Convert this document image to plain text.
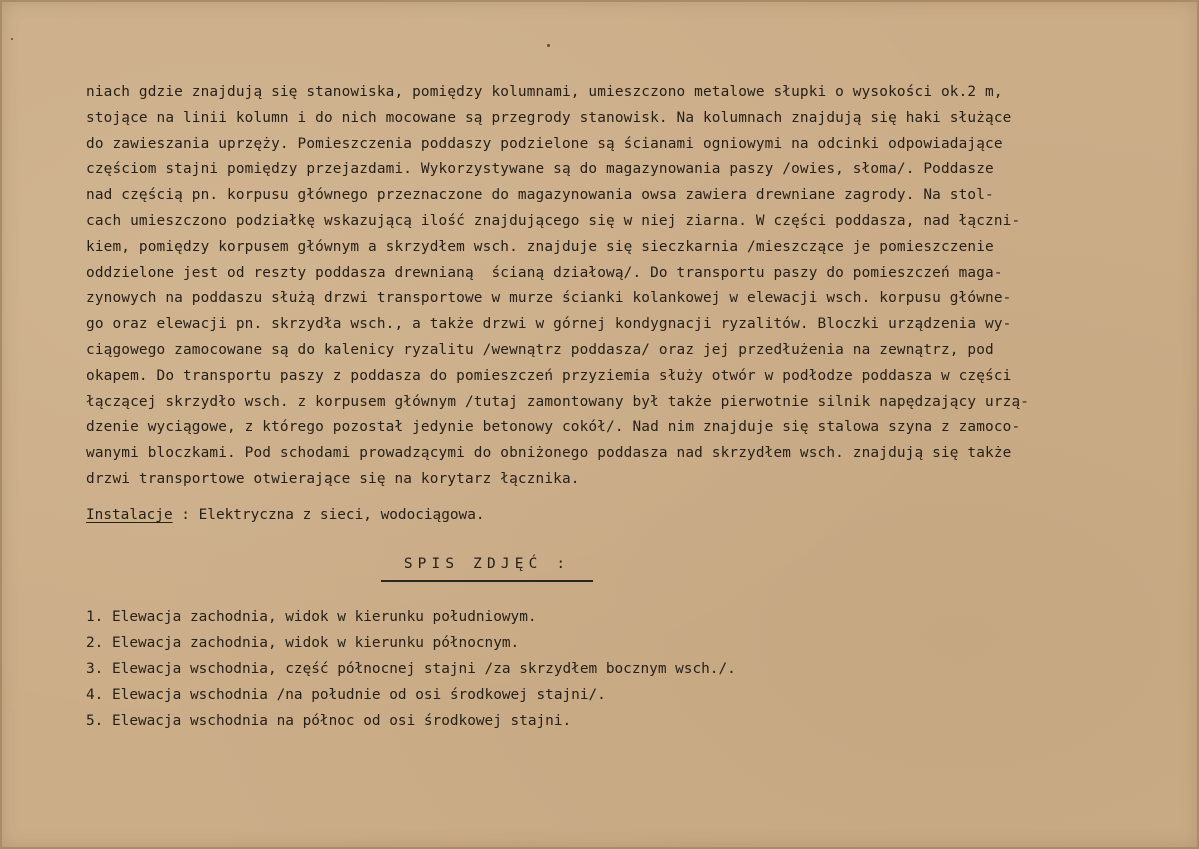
niach gdzie znajdują się stanowiska, pomiędzy kolumnami, umieszczono metalowe słupki o wysokości ok.2 m,
stojące na linii kolumn i do nich mocowane są przegrody stanowisk. Na kolumnach znajdują się haki służące
do zawieszania uprzęży. Pomieszczenia poddaszy podzielone są ścianami ogniowymi na odcinki odpowiadające
częściom stajni pomiędzy przejazdami. Wykorzystywane są do magazynowania paszy /owies, słoma/. Poddasze
nad częścią pn. korpusu głównego przeznaczone do magazynowania owsa zawiera drewniane zagrody. Na stol-
cach umieszczono podziałkę wskazującą ilość znajdującego się w niej ziarna. W części poddasza, nad łączni-
kiem, pomiędzy korpusem głównym a skrzydłem wsch. znajduje się sieczkarnia /mieszczące je pomieszczenie
oddzielone jest od reszty poddasza drewnianą  ścianą działową/. Do transportu paszy do pomieszczeń maga-
zynowych na poddaszu służą drzwi transportowe w murze ścianki kolankowej w elewacji wsch. korpusu główne-
go oraz elewacji pn. skrzydła wsch., a także drzwi w górnej kondygnacji ryzalitów. Bloczki urządzenia wy-
ciągowego zamocowane są do kalenicy ryzalitu /wewnątrz poddasza/ oraz jej przedłużenia na zewnątrz, pod
okapem. Do transportu paszy z poddasza do pomieszczeń przyziemia służy otwór w podłodze poddasza w części
łączącej skrzydło wsch. z korpusem głównym /tutaj zamontowany był także pierwotnie silnik napędzający urzą-
dzenie wyciągowe, z którego pozostał jedynie betonowy cokół/. Nad nim znajduje się stalowa szyna z zamoco-
wanymi bloczkami. Pod schodami prowadzącymi do obniżonego poddasza nad skrzydłem wsch. znajdują się także
drzwi transportowe otwierające się na korytarz łącznika.
Instalacje : Elektryczna z sieci, wodociągowa.
SPIS ZDJĘĆ :
1. Elewacja zachodnia, widok w kierunku południowym.
2. Elewacja zachodnia, widok w kierunku północnym.
3. Elewacja wschodnia, część północnej stajni /za skrzydłem bocznym wsch./.
4. Elewacja wschodnia /na południe od osi środkowej stajni/.
5. Elewacja wschodnia na północ od osi środkowej stajni.
